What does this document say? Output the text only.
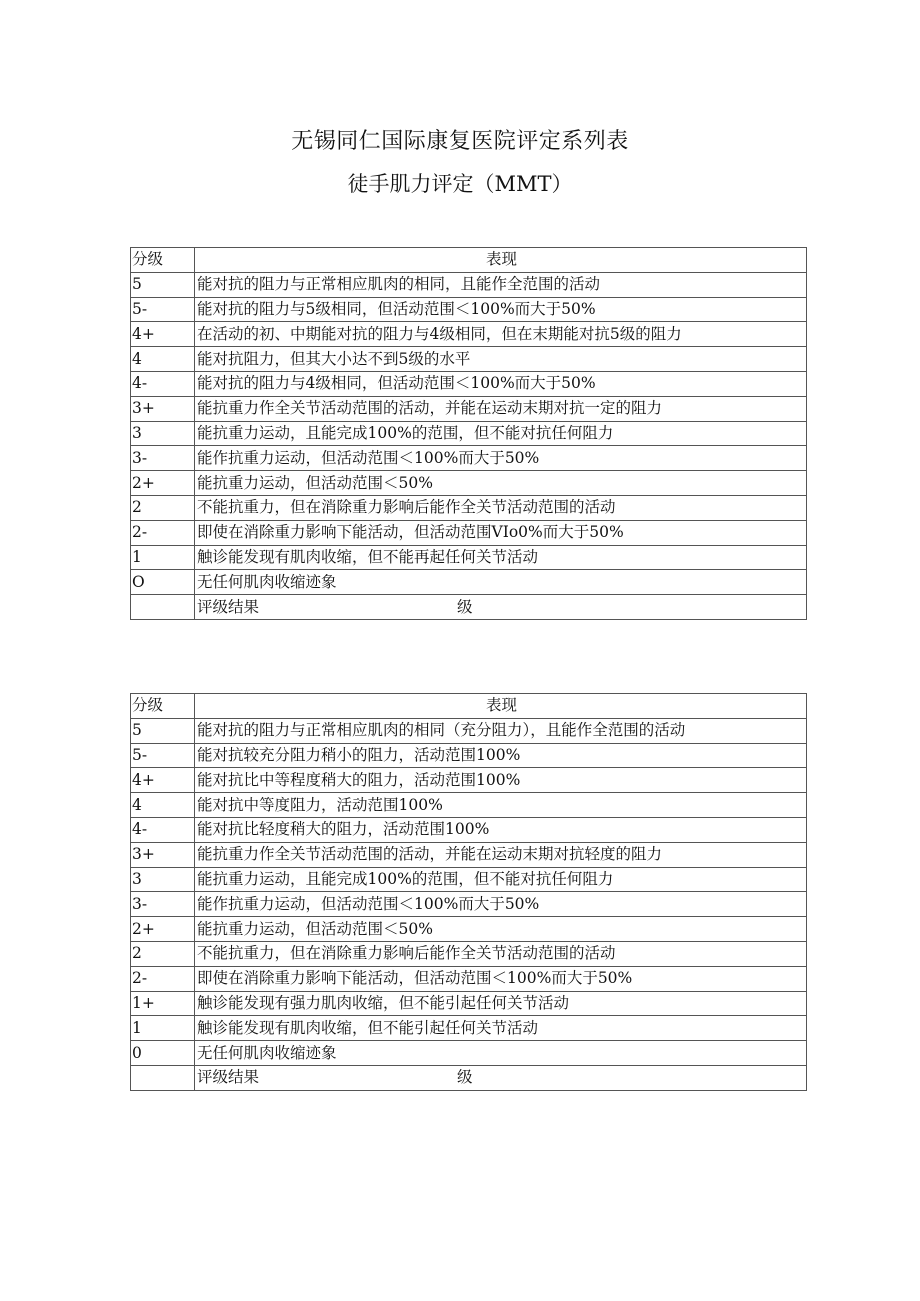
无锡同仁国际康复医院评定系列表
徒手肌力评定（MMT）
分级	表现
5	能对抗的阻力与正常相应肌肉的相同，且能作全范围的活动
5-	能对抗的阻力与5级相同，但活动范围＜100%而大于50%
4+	在活动的初、中期能对抗的阻力与4级相同，但在末期能对抗5级的阻力
4	能对抗阻力，但其大小达不到5级的水平
4-	能对抗的阻力与4级相同，但活动范围＜100%而大于50%
3+	能抗重力作全关节活动范围的活动，并能在运动末期对抗一定的阻力
3	能抗重力运动，且能完成100%的范围，但不能对抗任何阻力
3-	能作抗重力运动，但活动范围＜100%而大于50%
2+	能抗重力运动，但活动范围＜50%
2	不能抗重力，但在消除重力影响后能作全关节活动范围的活动
2-	即使在消除重力影响下能活动，但活动范围VIo0%而大于50%
1	触诊能发现有肌肉收缩，但不能再起任何关节活动
O	无任何肌肉收缩迹象
	评级结果 级
分级	表现
5	能对抗的阻力与正常相应肌肉的相同（充分阻力），且能作全范围的活动
5-	能对抗较充分阻力稍小的阻力，活动范围100%
4+	能对抗比中等程度稍大的阻力，活动范围100%
4	能对抗中等度阻力，活动范围100%
4-	能对抗比轻度稍大的阻力，活动范围100%
3+	能抗重力作全关节活动范围的活动，并能在运动末期对抗轻度的阻力
3	能抗重力运动，且能完成100%的范围，但不能对抗任何阻力
3-	能作抗重力运动，但活动范围＜100%而大于50%
2+	能抗重力运动，但活动范围＜50%
2	不能抗重力，但在消除重力影响后能作全关节活动范围的活动
2-	即使在消除重力影响下能活动，但活动范围＜100%而大于50%
1+	触诊能发现有强力肌肉收缩，但不能引起任何关节活动
1	触诊能发现有肌肉收缩，但不能引起任何关节活动
0	无任何肌肉收缩迹象
	评级结果 级
